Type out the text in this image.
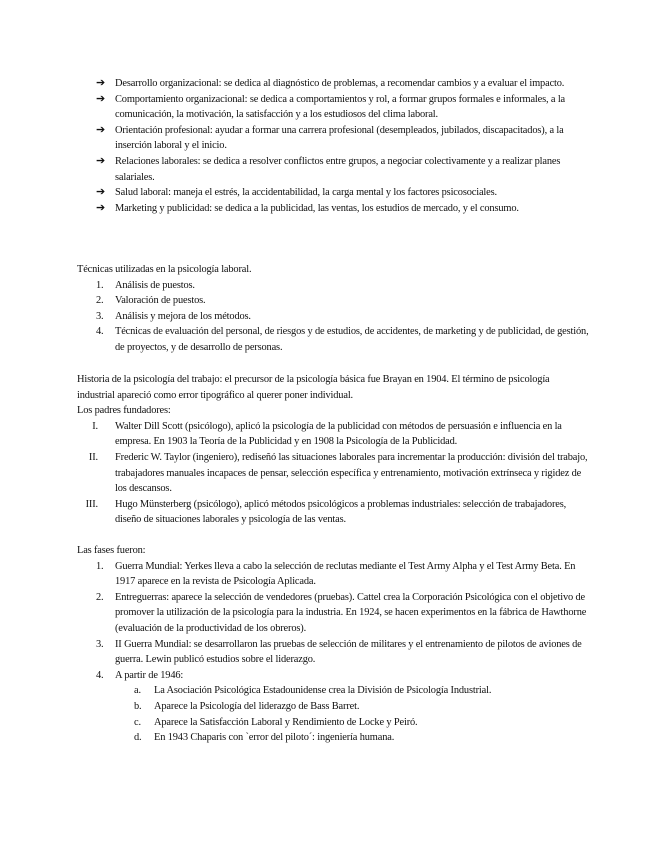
➔ Desarrollo organizacional: se dedica al diagnóstico de problemas, a recomendar cambios y a evaluar el impacto.
➔ Comportamiento organizacional: se dedica a comportamientos y rol, a formar grupos formales e informales, a la comunicación, la motivación, la satisfacción y a los estudiosos del clima laboral.
➔ Orientación profesional: ayudar a formar una carrera profesional (desempleados, jubilados, discapacitados), a la inserción laboral y el inicio.
➔ Relaciones laborales: se dedica a resolver conflictos entre grupos, a negociar colectivamente y a realizar planes salariales.
➔ Salud laboral: maneja el estrés, la accidentabilidad, la carga mental y los factores psicosociales.
➔ Marketing y publicidad: se dedica a la publicidad, las ventas, los estudios de mercado, y el consumo.
Técnicas utilizadas en la psicología laboral.
1. Análisis de puestos.
2. Valoración de puestos.
3. Análisis y mejora de los métodos.
4. Técnicas de evaluación del personal, de riesgos y de estudios, de accidentes, de marketing y de publicidad, de gestión, de proyectos, y de desarrollo de personas.
Historia de la psicología del trabajo: el precursor de la psicología básica fue Brayan en 1904. El término de psicología industrial apareció como error tipográfico al querer poner individual.
Los padres fundadores:
I. Walter Dill Scott (psicólogo), aplicó la psicología de la publicidad con métodos de persuasión e influencia en la empresa. En 1903 la Teoría de la Publicidad y en 1908 la Psicología de la Publicidad.
II. Frederic W. Taylor (ingeniero), rediseñó las situaciones laborales para incrementar la producción: división del trabajo, trabajadores manuales incapaces de pensar, selección específica y entrenamiento, motivación extrínseca y rigidez de los descansos.
III. Hugo Münsterberg (psicólogo), aplicó métodos psicológicos a problemas industriales: selección de trabajadores, diseño de situaciones laborales y psicología de las ventas.
Las fases fueron:
1. Guerra Mundial: Yerkes lleva a cabo la selección de reclutas mediante el Test Army Alpha y el Test Army Beta. En 1917 aparece en la revista de Psicología Aplicada.
2. Entreguerras: aparece la selección de vendedores (pruebas). Cattel crea la Corporación Psicológica con el objetivo de promover la utilización de la psicología para la industria. En 1924, se hacen experimentos en la fábrica de Hawthorne (evaluación de la productividad de los obreros).
3. II Guerra Mundial: se desarrollaron las pruebas de selección de militares y el entrenamiento de pilotos de aviones de guerra. Lewin publicó estudios sobre el liderazgo.
4. A partir de 1946:
a. La Asociación Psicológica Estadounidense crea la División de Psicología Industrial.
b. Aparece la Psicología del liderazgo de Bass Barret.
c. Aparece la Satisfacción Laboral y Rendimiento de Locke y Peiró.
d. En 1943 Chaparis con `error del piloto´: ingeniería humana.
